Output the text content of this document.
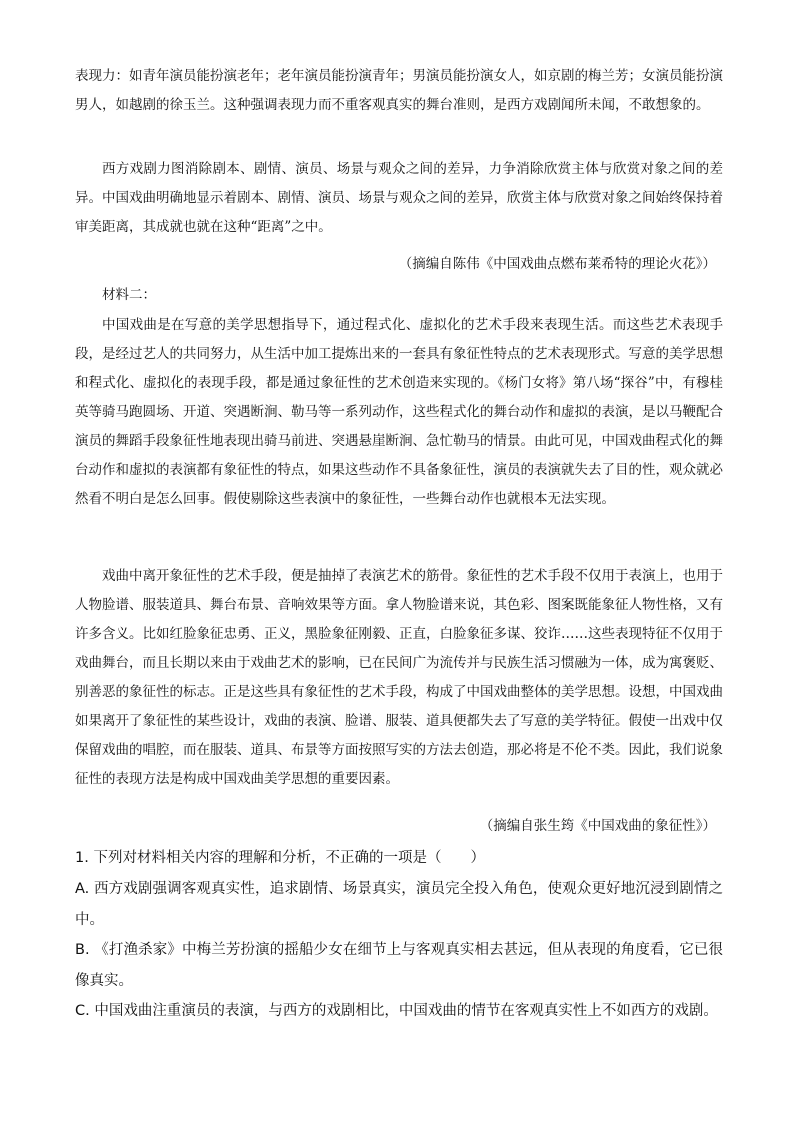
表现力：如青年演员能扮演老年；老年演员能扮演青年；男演员能扮演女人，如京剧的梅兰芳；女演员能扮演男人，如越剧的徐玉兰。这种强调表现力而不重客观真实的舞台准则，是西方戏剧闻所未闻，不敢想象的。

西方戏剧力图消除剧本、剧情、演员、场景与观众之间的差异，力争消除欣赏主体与欣赏对象之间的差异。中国戏曲明确地显示着剧本、剧情、演员、场景与观众之间的差异，欣赏主体与欣赏对象之间始终保持着审美距离，其成就也就在这种“距离”之中。

（摘编自陈伟《中国戏曲点燃布莱希特的理论火花》）

材料二：

中国戏曲是在写意的美学思想指导下，通过程式化、虚拟化的艺术手段来表现生活。而这些艺术表现手段，是经过艺人的共同努力，从生活中加工提炼出来的一套具有象征性特点的艺术表现形式。写意的美学思想和程式化、虚拟化的表现手段，都是通过象征性的艺术创造来实现的。《杨门女将》第八场“探谷”中，有穆桂英等骑马跑圆场、开道、突遇断涧、勒马等一系列动作，这些程式化的舞台动作和虚拟的表演，是以马鞭配合演员的舞蹈手段象征性地表现出骑马前进、突遇悬崖断涧、急忙勒马的情景。由此可见，中国戏曲程式化的舞台动作和虚拟的表演都有象征性的特点，如果这些动作不具备象征性，演员的表演就失去了目的性，观众就必然看不明白是怎么回事。假使剔除这些表演中的象征性，一些舞台动作也就根本无法实现。

戏曲中离开象征性的艺术手段，便是抽掉了表演艺术的筋骨。象征性的艺术手段不仅用于表演上，也用于人物脸谱、服装道具、舞台布景、音响效果等方面。拿人物脸谱来说，其色彩、图案既能象征人物性格，又有许多含义。比如红脸象征忠勇、正义，黑脸象征刚毅、正直，白脸象征多谋、狡诈……这些表现特征不仅用于戏曲舞台，而且长期以来由于戏曲艺术的影响，已在民间广为流传并与民族生活习惯融为一体，成为寓褒贬、别善恶的象征性的标志。正是这些具有象征性的艺术手段，构成了中国戏曲整体的美学思想。设想，中国戏曲如果离开了象征性的某些设计，戏曲的表演、脸谱、服装、道具便都失去了写意的美学特征。假使一出戏中仅保留戏曲的唱腔，而在服装、道具、布景等方面按照写实的方法去创造，那必将是不伦不类。因此，我们说象征性的表现方法是构成中国戏曲美学思想的重要因素。

（摘编自张生筠《中国戏曲的象征性》）

1. 下列对材料相关内容的理解和分析，不正确的一项是（　　）

A. 西方戏剧强调客观真实性，追求剧情、场景真实，演员完全投入角色，使观众更好地沉浸到剧情之中。

B. 《打渔杀家》中梅兰芳扮演的摇船少女在细节上与客观真实相去甚远，但从表现的角度看，它已很像真实。

C. 中国戏曲注重演员的表演，与西方的戏剧相比，中国戏曲的情节在客观真实性上不如西方的戏剧。
